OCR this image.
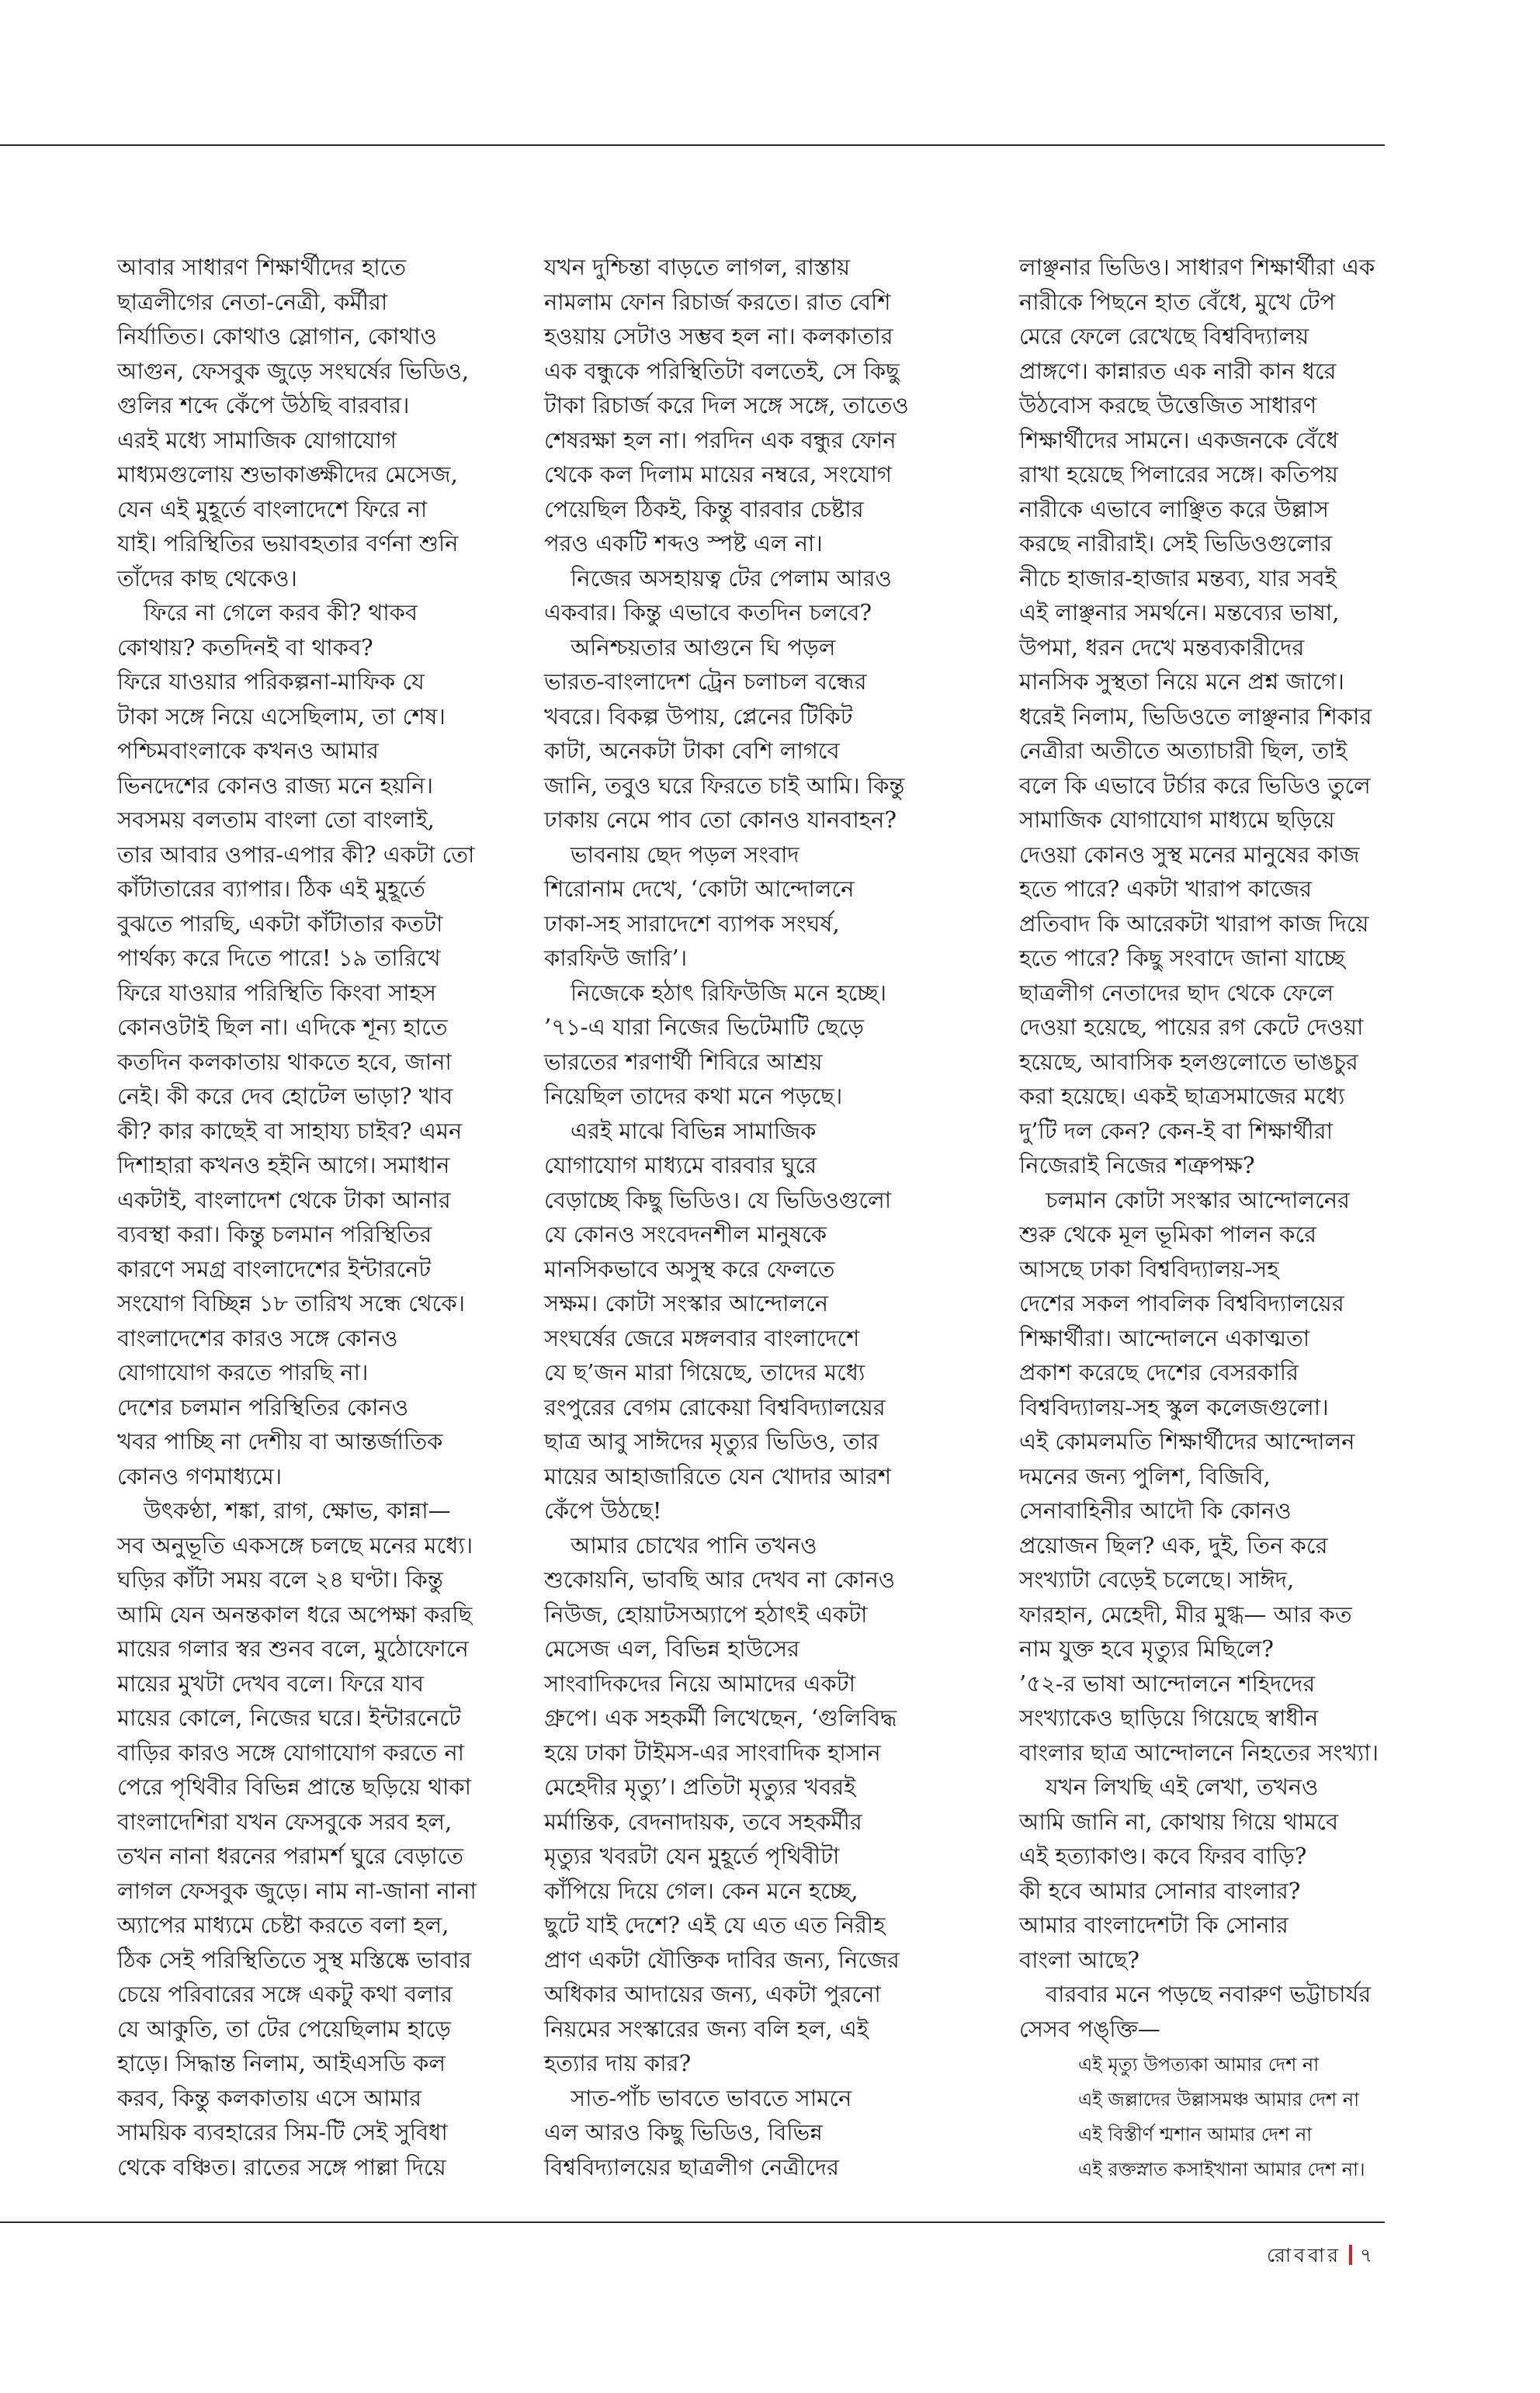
আবার সাধারণ শিক্ষার্থীদের হাতে
ছাত্রলীগের নেতা-নেত্রী, কর্মীরা
নির্যাতিত। কোথাও স্লোগান, কোথাও
আগুন, ফেসবুক জুড়ে সংঘর্ষের ভিডিও,
গুলির শব্দে কেঁপে উঠছি বারবার।
এরই মধ্যে সামাজিক যোগাযোগ
মাধ্যমগুলোয় শুভাকাঙ্ক্ষীদের মেসেজ,
যেন এই মুহূর্তে বাংলাদেশে ফিরে না
যাই। পরিস্থিতির ভয়াবহতার বর্ণনা শুনি
তাঁদের কাছ থেকেও।
ফিরে না গেলে করব কী? থাকব
কোথায়? কতদিনই বা থাকব?
ফিরে যাওয়ার পরিকল্পনা-মাফিক যে
টাকা সঙ্গে নিয়ে এসেছিলাম, তা শেষ।
পশ্চিমবাংলাকে কখনও আমার
ভিনদেশের কোনও রাজ্য মনে হয়নি।
সবসময় বলতাম বাংলা তো বাংলাই,
তার আবার ওপার-এপার কী? একটা তো
কাঁটাতারের ব্যাপার। ঠিক এই মুহূর্তে
বুঝতে পারছি, একটা কাঁটাতার কতটা
পার্থক্য করে দিতে পারে! ১৯ তারিখে
ফিরে যাওয়ার পরিস্থিতি কিংবা সাহস
কোনওটাই ছিল না। এদিকে শূন্য হাতে
কতদিন কলকাতায় থাকতে হবে, জানা
নেই। কী করে দেব হোটেল ভাড়া? খাব
কী? কার কাছেই বা সাহায্য চাইব? এমন
দিশাহারা কখনও হইনি আগে। সমাধান
একটাই, বাংলাদেশ থেকে টাকা আনার
ব্যবস্থা করা। কিন্তু চলমান পরিস্থিতির
কারণে সমগ্র বাংলাদেশের ইন্টারনেট
সংযোগ বিচ্ছিন্ন ১৮ তারিখ সন্ধে থেকে।
বাংলাদেশের কারও সঙ্গে কোনও
যোগাযোগ করতে পারছি না।
দেশের চলমান পরিস্থিতির কোনও
খবর পাচ্ছি না দেশীয় বা আন্তর্জাতিক
কোনও গণমাধ্যমে।
উৎকণ্ঠা, শঙ্কা, রাগ, ক্ষোভ, কান্না—
সব অনুভূতি একসঙ্গে চলছে মনের মধ্যে।
ঘড়ির কাঁটা সময় বলে ২৪ ঘণ্টা। কিন্তু
আমি যেন অনন্তকাল ধরে অপেক্ষা করছি
মায়ের গলার স্বর শুনব বলে, মুঠোফোনে
মায়ের মুখটা দেখব বলে। ফিরে যাব
মায়ের কোলে, নিজের ঘরে। ইন্টারনেটে
বাড়ির কারও সঙ্গে যোগাযোগ করতে না
পেরে পৃথিবীর বিভিন্ন প্রান্তে ছড়িয়ে থাকা
বাংলাদেশিরা যখন ফেসবুকে সরব হল,
তখন নানা ধরনের পরামর্শ ঘুরে বেড়াতে
লাগল ফেসবুক জুড়ে। নাম না-জানা নানা
অ্যাপের মাধ্যমে চেষ্টা করতে বলা হল,
ঠিক সেই পরিস্থিতিতে সুস্থ মস্তিষ্কে ভাবার
চেয়ে পরিবারের সঙ্গে একটু কথা বলার
যে আকুতি, তা টের পেয়েছিলাম হাড়ে
হাড়ে। সিদ্ধান্ত নিলাম, আইএসডি কল
করব, কিন্তু কলকাতায় এসে আমার
সাময়িক ব্যবহারের সিম-টি সেই সুবিধা
থেকে বঞ্চিত। রাতের সঙ্গে পাল্লা দিয়ে
যখন দুশ্চিন্তা বাড়তে লাগল, রাস্তায়
নামলাম ফোন রিচার্জ করতে। রাত বেশি
হওয়ায় সেটাও সম্ভব হল না। কলকাতার
এক বন্ধুকে পরিস্থিতিটা বলতেই, সে কিছু
টাকা রিচার্জ করে দিল সঙ্গে সঙ্গে, তাতেও
শেষরক্ষা হল না। পরদিন এক বন্ধুর ফোন
থেকে কল দিলাম মায়ের নম্বরে, সংযোগ
পেয়েছিল ঠিকই, কিন্তু বারবার চেষ্টার
পরও একটি শব্দও স্পষ্ট এল না।
নিজের অসহায়ত্ব টের পেলাম আরও
একবার। কিন্তু এভাবে কতদিন চলবে?
অনিশ্চয়তার আগুনে ঘি পড়ল
ভারত-বাংলাদেশ ট্রেন চলাচল বন্ধের
খবরে। বিকল্প উপায়, প্লেনের টিকিট
কাটা, অনেকটা টাকা বেশি লাগবে
জানি, তবুও ঘরে ফিরতে চাই আমি। কিন্তু
ঢাকায় নেমে পাব তো কোনও যানবাহন?
ভাবনায় ছেদ পড়ল সংবাদ
শিরোনাম দেখে, ‘কোটা আন্দোলনে
ঢাকা-সহ সারাদেশে ব্যাপক সংঘর্ষ,
কারফিউ জারি’।
নিজেকে হঠাৎ রিফিউজি মনে হচ্ছে।
’৭১-এ যারা নিজের ভিটেমাটি ছেড়ে
ভারতের শরণার্থী শিবিরে আশ্রয়
নিয়েছিল তাদের কথা মনে পড়ছে।
এরই মাঝে বিভিন্ন সামাজিক
যোগাযোগ মাধ্যমে বারবার ঘুরে
বেড়াচ্ছে কিছু ভিডিও। যে ভিডিওগুলো
যে কোনও সংবেদনশীল মানুষকে
মানসিকভাবে অসুস্থ করে ফেলতে
সক্ষম। কোটা সংস্কার আন্দোলনে
সংঘর্ষের জেরে মঙ্গলবার বাংলাদেশে
যে ছ’জন মারা গিয়েছে, তাদের মধ্যে
রংপুরের বেগম রোকেয়া বিশ্ববিদ্যালয়ের
ছাত্র আবু সাঈদের মৃত্যুর ভিডিও, তার
মায়ের আহাজারিতে যেন খোদার আরশ
কেঁপে উঠছে!
আমার চোখের পানি তখনও
শুকোয়নি, ভাবছি আর দেখব না কোনও
নিউজ, হোয়াটসঅ্যাপে হঠাৎই একটা
মেসেজ এল, বিভিন্ন হাউসের
সাংবাদিকদের নিয়ে আমাদের একটা
গ্রুপে। এক সহকর্মী লিখেছেন, ‘গুলিবিদ্ধ
হয়ে ঢাকা টাইমস-এর সাংবাদিক হাসান
মেহেদীর মৃত্যু’। প্রতিটা মৃত্যুর খবরই
মর্মান্তিক, বেদনাদায়ক, তবে সহকর্মীর
মৃত্যুর খবরটা যেন মুহূর্তে পৃথিবীটা
কাঁপিয়ে দিয়ে গেল। কেন মনে হচ্ছে,
ছুটে যাই দেশে? এই যে এত এত নিরীহ
প্রাণ একটা যৌক্তিক দাবির জন্য, নিজের
অধিকার আদায়ের জন্য, একটা পুরনো
নিয়মের সংস্কারের জন্য বলি হল, এই
হত্যার দায় কার?
সাত-পাঁচ ভাবতে ভাবতে সামনে
এল আরও কিছু ভিডিও, বিভিন্ন
বিশ্ববিদ্যালয়ের ছাত্রলীগ নেত্রীদের
লাঞ্ছনার ভিডিও। সাধারণ শিক্ষার্থীরা এক
নারীকে পিছনে হাত বেঁধে, মুখে টেপ
মেরে ফেলে রেখেছে বিশ্ববিদ্যালয়
প্রাঙ্গণে। কান্নারত এক নারী কান ধরে
উঠবোস করছে উত্তেজিত সাধারণ
শিক্ষার্থীদের সামনে। একজনকে বেঁধে
রাখা হয়েছে পিলারের সঙ্গে। কতিপয়
নারীকে এভাবে লাঞ্ছিত করে উল্লাস
করছে নারীরাই। সেই ভিডিওগুলোর
নীচে হাজার-হাজার মন্তব্য, যার সবই
এই লাঞ্ছনার সমর্থনে। মন্তব্যের ভাষা,
উপমা, ধরন দেখে মন্তব্যকারীদের
মানসিক সুস্থতা নিয়ে মনে প্রশ্ন জাগে।
ধরেই নিলাম, ভিডিওতে লাঞ্ছনার শিকার
নেত্রীরা অতীতে অত্যাচারী ছিল, তাই
বলে কি এভাবে টর্চার করে ভিডিও তুলে
সামাজিক যোগাযোগ মাধ্যমে ছড়িয়ে
দেওয়া কোনও সুস্থ মনের মানুষের কাজ
হতে পারে? একটা খারাপ কাজের
প্রতিবাদ কি আরেকটা খারাপ কাজ দিয়ে
হতে পারে? কিছু সংবাদে জানা যাচ্ছে
ছাত্রলীগ নেতাদের ছাদ থেকে ফেলে
দেওয়া হয়েছে, পায়ের রগ কেটে দেওয়া
হয়েছে, আবাসিক হলগুলোতে ভাঙচুর
করা হয়েছে। একই ছাত্রসমাজের মধ্যে
দু’টি দল কেন? কেন-ই বা শিক্ষার্থীরা
নিজেরাই নিজের শত্রুপক্ষ?
চলমান কোটা সংস্কার আন্দোলনের
শুরু থেকে মূল ভূমিকা পালন করে
আসছে ঢাকা বিশ্ববিদ্যালয়-সহ
দেশের সকল পাবলিক বিশ্ববিদ্যালয়ের
শিক্ষার্থীরা। আন্দোলনে একাত্মতা
প্রকাশ করেছে দেশের বেসরকারি
বিশ্ববিদ্যালয়-সহ স্কুল কলেজগুলো।
এই কোমলমতি শিক্ষার্থীদের আন্দোলন
দমনের জন্য পুলিশ, বিজিবি,
সেনাবাহিনীর আদৌ কি কোনও
প্রয়োজন ছিল? এক, দুই, তিন করে
সংখ্যাটা বেড়েই চলেছে। সাঈদ,
ফারহান, মেহেদী, মীর মুগ্ধ— আর কত
নাম যুক্ত হবে মৃত্যুর মিছিলে?
’৫২-র ভাষা আন্দোলনে শহিদদের
সংখ্যাকেও ছাড়িয়ে গিয়েছে স্বাধীন
বাংলার ছাত্র আন্দোলনে নিহতের সংখ্যা।
যখন লিখছি এই লেখা, তখনও
আমি জানি না, কোথায় গিয়ে থামবে
এই হত্যাকাণ্ড। কবে ফিরব বাড়ি?
কী হবে আমার সোনার বাংলার?
আমার বাংলাদেশটা কি সোনার
বাংলা আছে?
বারবার মনে পড়ছে নবারুণ ভট্টাচার্যর
সেসব পঙ্‌ক্তি—
এই মৃত্যু উপত্যকা আমার দেশ না
এই জল্লাদের উল্লাসমঞ্চ আমার দেশ না
এই বিস্তীর্ণ শ্মশান আমার দেশ না
এই রক্তস্নাত কসাইখানা আমার দেশ না।
রোববার ৭
